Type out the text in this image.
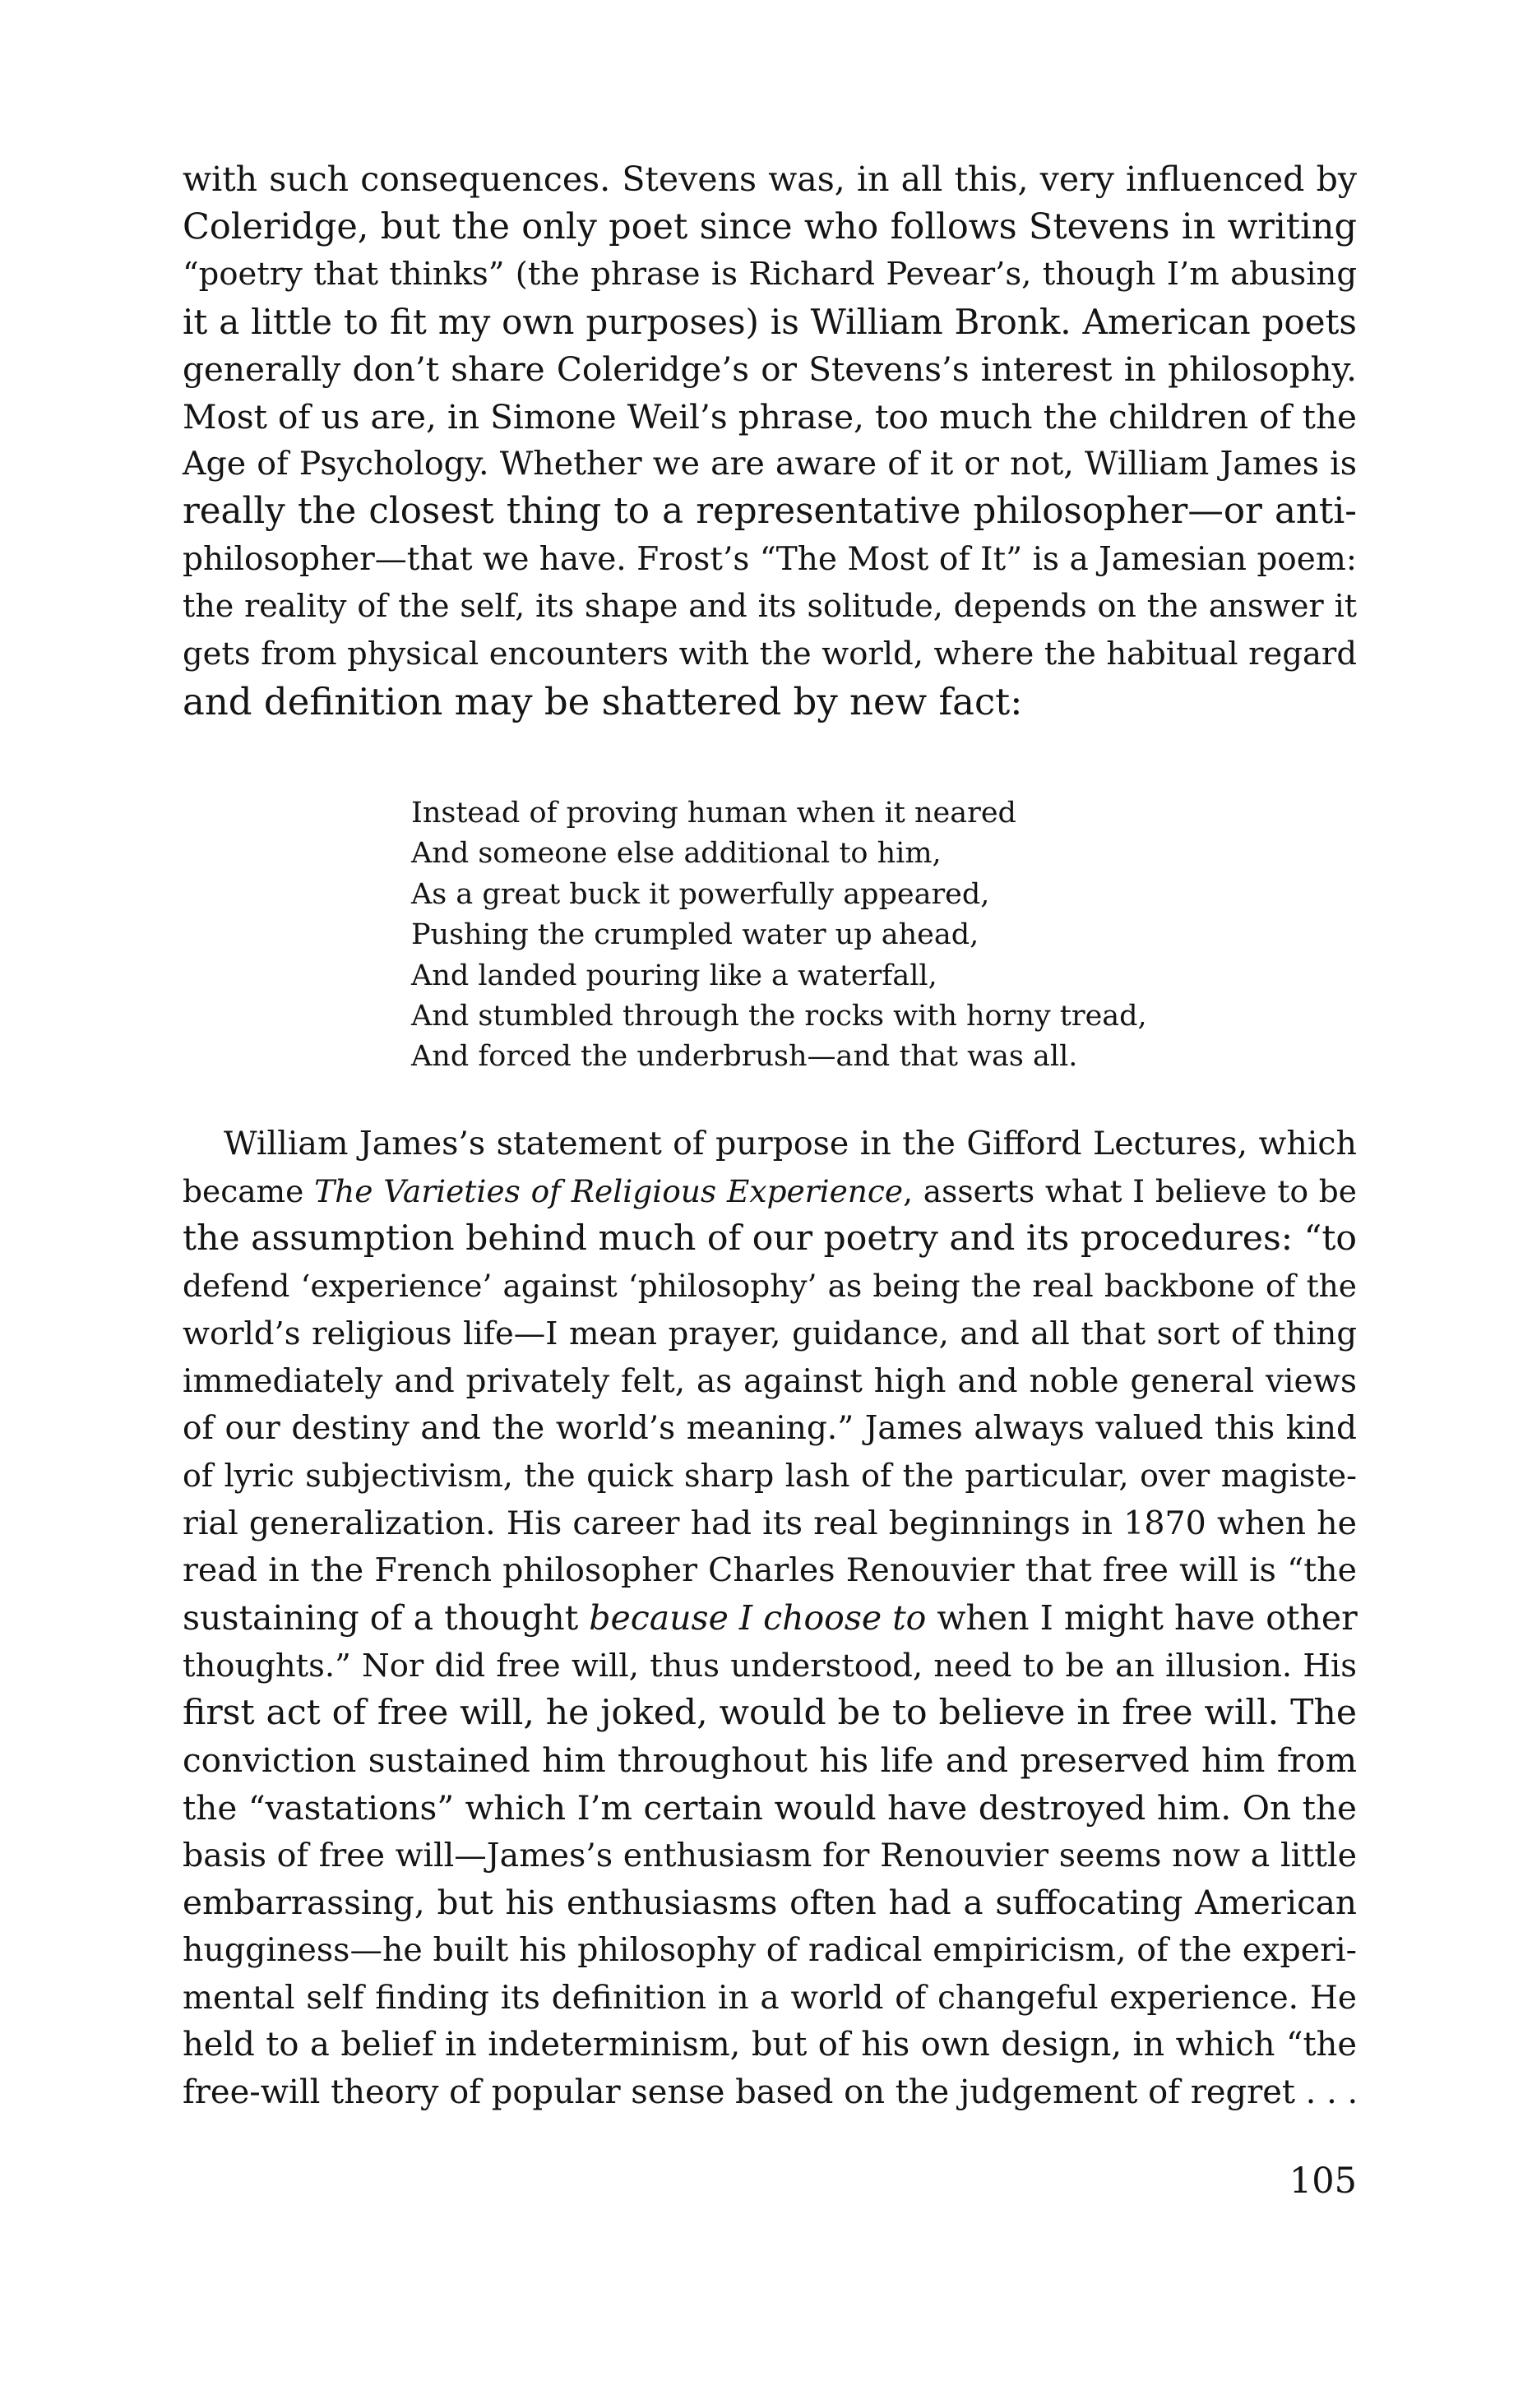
with such consequences. Stevens was, in all this, very influenced by
Coleridge, but the only poet since who follows Stevens in writing
“poetry that thinks” (the phrase is Richard Pevear’s, though I’m abusing
it a little to fit my own purposes) is William Bronk. American poets
generally don’t share Coleridge’s or Stevens’s interest in philosophy.
Most of us are, in Simone Weil’s phrase, too much the children of the
Age of Psychology. Whether we are aware of it or not, William James is
really the closest thing to a representative philosopher—or anti-
philosopher—that we have. Frost’s “The Most of It” is a Jamesian poem:
the reality of the self, its shape and its solitude, depends on the answer it
gets from physical encounters with the world, where the habitual regard
and definition may be shattered by new fact:
Instead of proving human when it neared
And someone else additional to him,
As a great buck it powerfully appeared,
Pushing the crumpled water up ahead,
And landed pouring like a waterfall,
And stumbled through the rocks with horny tread,
And forced the underbrush—and that was all.
William James’s statement of purpose in the Gifford Lectures, which
became The Varieties of Religious Experience, asserts what I believe to be
the assumption behind much of our poetry and its procedures: “to
defend ‘experience’ against ‘philosophy’ as being the real backbone of the
world’s religious life—I mean prayer, guidance, and all that sort of thing
immediately and privately felt, as against high and noble general views
of our destiny and the world’s meaning.” James always valued this kind
of lyric subjectivism, the quick sharp lash of the particular, over magiste-
rial generalization. His career had its real beginnings in 1870 when he
read in the French philosopher Charles Renouvier that free will is “the
sustaining of a thought because I choose to when I might have other
thoughts.” Nor did free will, thus understood, need to be an illusion. His
first act of free will, he joked, would be to believe in free will. The
conviction sustained him throughout his life and preserved him from
the “vastations” which I’m certain would have destroyed him. On the
basis of free will—James’s enthusiasm for Renouvier seems now a little
embarrassing, but his enthusiasms often had a suffocating American
hugginess—he built his philosophy of radical empiricism, of the experi-
mental self finding its definition in a world of changeful experience. He
held to a belief in indeterminism, but of his own design, in which “the
free-will theory of popular sense based on the judgement of regret . . .
105
